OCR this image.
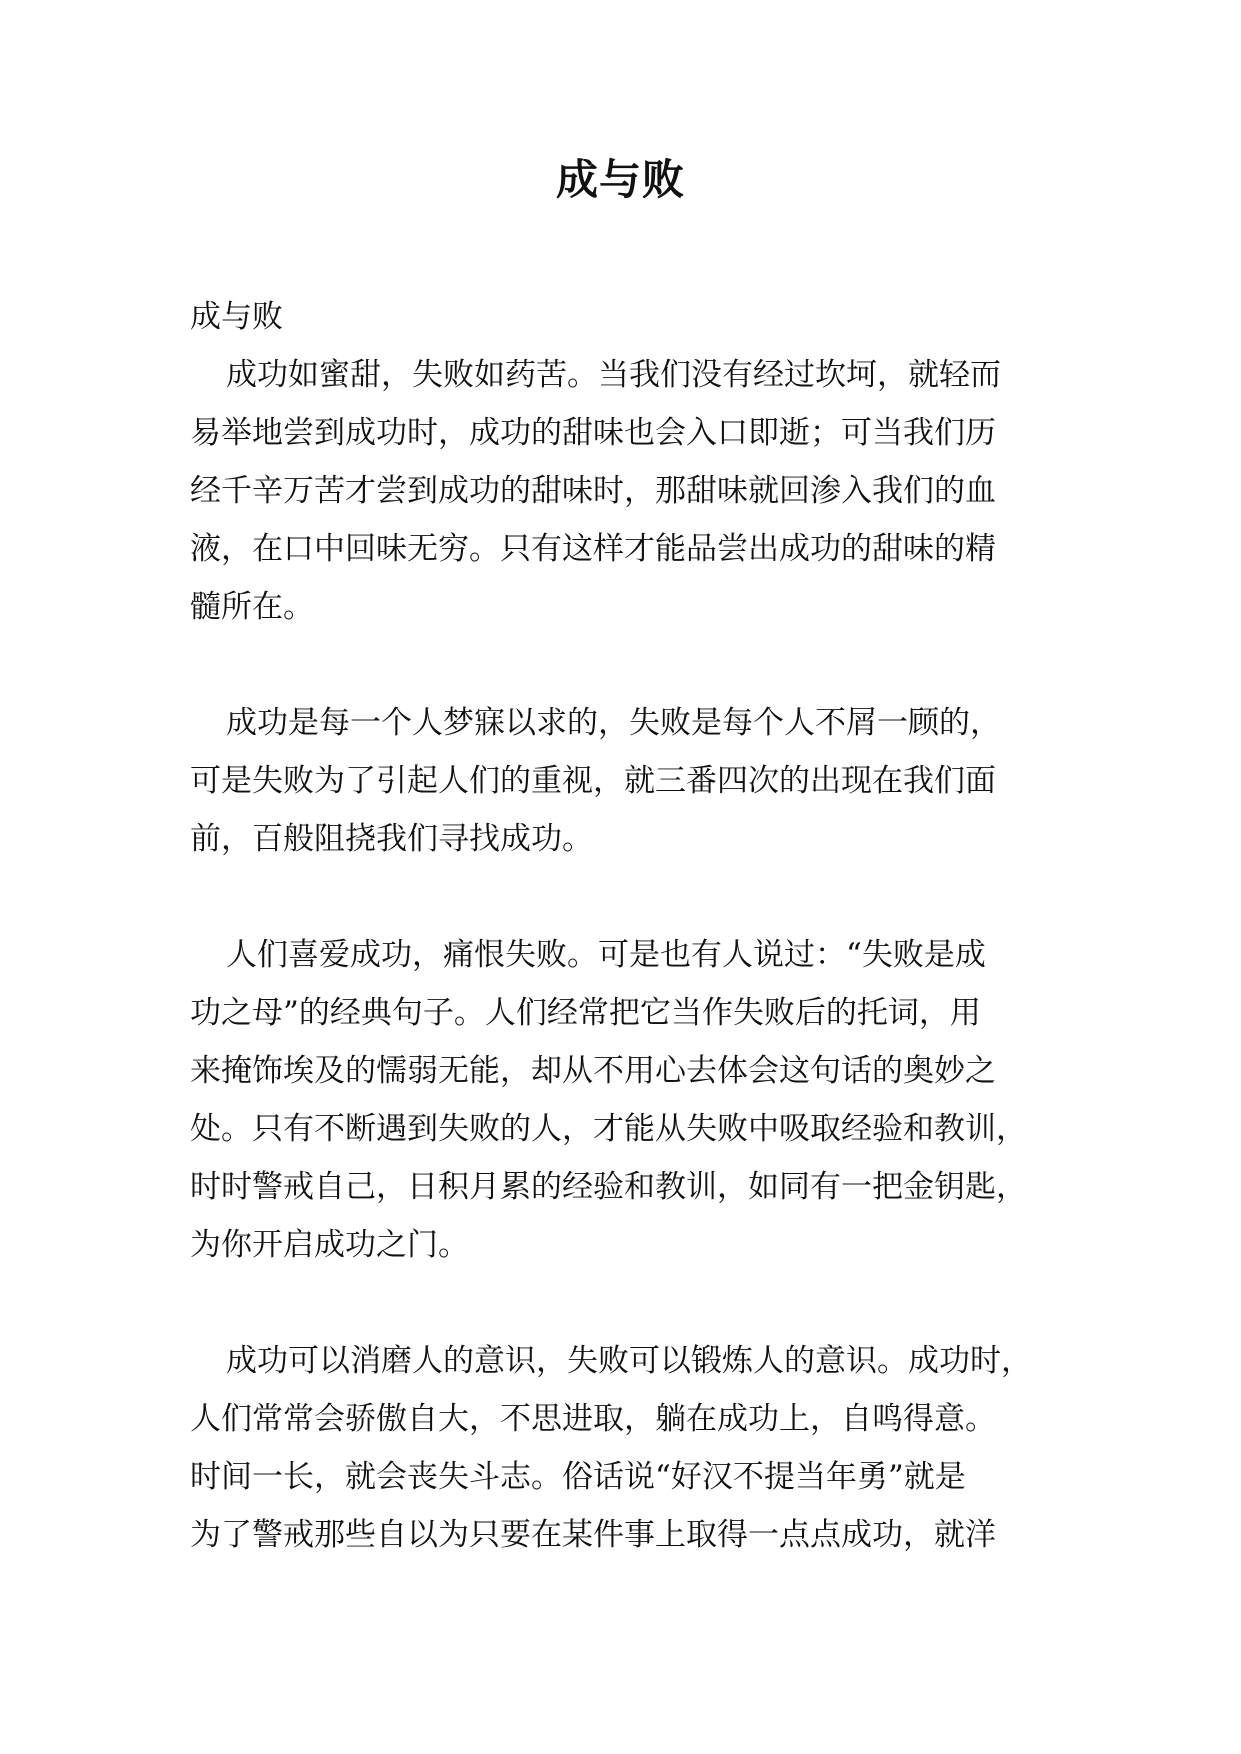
成与败

成与败

成功如蜜甜，失败如药苦。当我们没有经过坎坷，就轻而

易举地尝到成功时，成功的甜味也会入口即逝；可当我们历

经千辛万苦才尝到成功的甜味时，那甜味就回渗入我们的血

液，在口中回味无穷。只有这样才能品尝出成功的甜味的精

髓所在。

成功是每一个人梦寐以求的，失败是每个人不屑一顾的，

可是失败为了引起人们的重视，就三番四次的出现在我们面

前，百般阻挠我们寻找成功。

人们喜爱成功，痛恨失败。可是也有人说过：“失败是成

功之母”的经典句子。人们经常把它当作失败后的托词，用

来掩饰埃及的懦弱无能，却从不用心去体会这句话的奥妙之

处。只有不断遇到失败的人，才能从失败中吸取经验和教训，

时时警戒自己，日积月累的经验和教训，如同有一把金钥匙，

为你开启成功之门。

成功可以消磨人的意识，失败可以锻炼人的意识。成功时，

人们常常会骄傲自大，不思进取，躺在成功上，自鸣得意。

时间一长，就会丧失斗志。俗话说“好汉不提当年勇”就是

为了警戒那些自以为只要在某件事上取得一点点成功，就洋
